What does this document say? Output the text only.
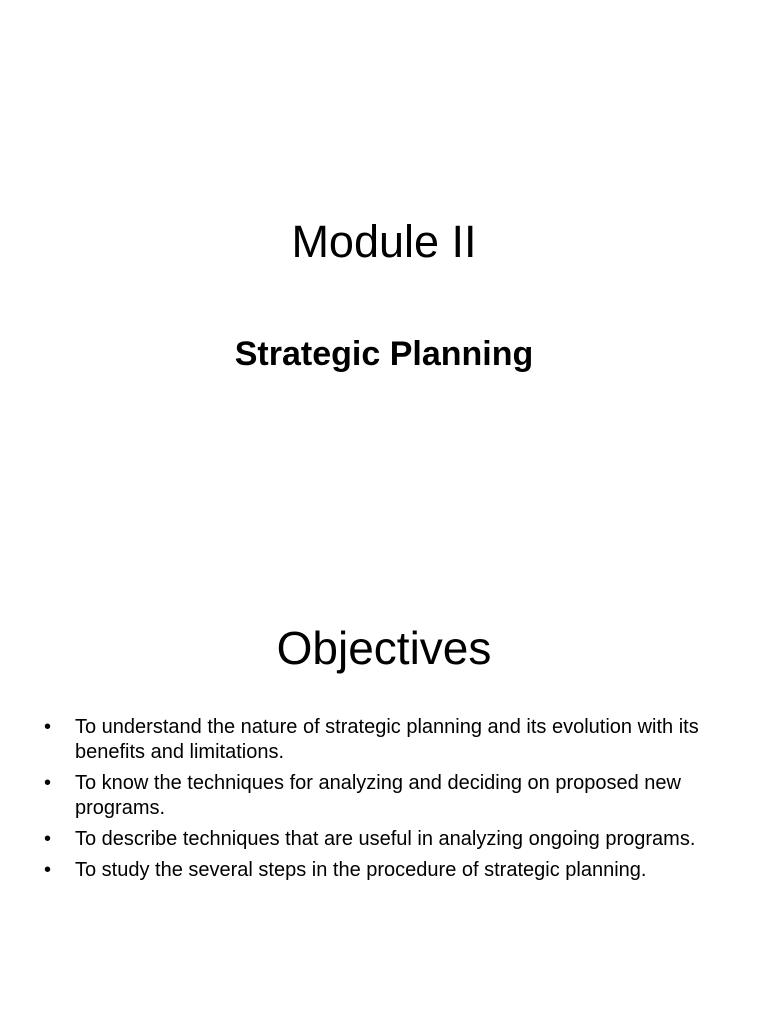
Module II
Strategic Planning
Objectives
• To understand the nature of strategic planning and its evolution with its benefits and limitations.
• To know the techniques for analyzing and deciding on proposed new programs.
• To describe techniques that are useful in analyzing ongoing programs.
• To study the several steps in the procedure of strategic planning.
